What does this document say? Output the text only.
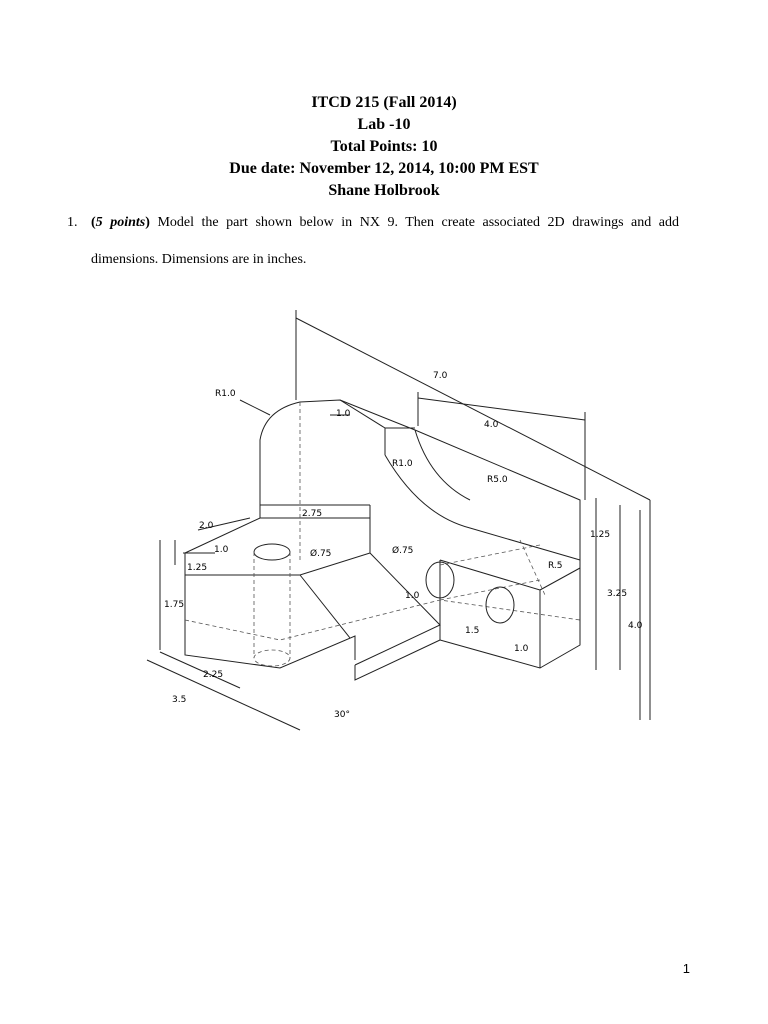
ITCD 215 (Fall 2014)
Lab -10
Total Points: 10
Due date: November 12, 2014, 10:00 PM EST
Shane Holbrook
1. (5 points) Model the part shown below in NX 9. Then create associated 2D drawings and add
dimensions. Dimensions are in inches.
7.0
R1.0
1.0
4.0
R1.0
R5.0
2.75
2.0
1.0	Ø.75
1.25
1.75
2.25
3.5
30°
Ø.75
1.0
1.5
1.0
R.5
1.25
3.25
4.0
1
